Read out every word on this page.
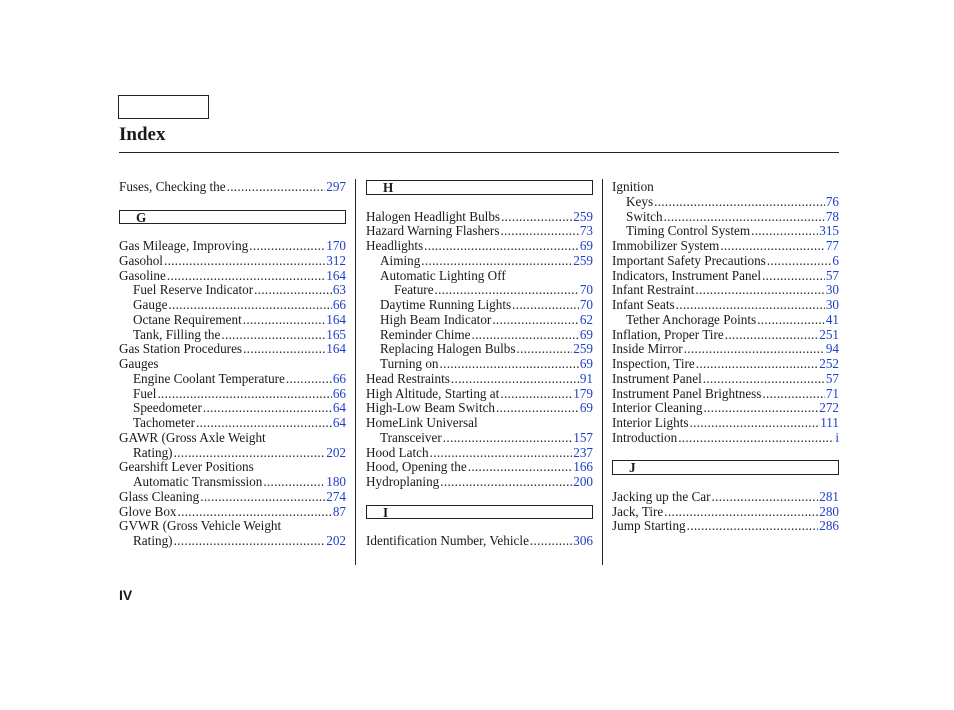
Index
Fuses, Checking the .....	297
G
Gas Mileage, Improving .....	170
Gasohol .....	312
Gasoline .....	164
Fuel Reserve Indicator .....	63
Gauge .....	66
Octane Requirement .....	164
Tank, Filling the .....	165
Gas Station Procedures .....	164
Gauges
Engine Coolant Temperature .....	66
Fuel .....	66
Speedometer .....	64
Tachometer .....	64
GAWR (Gross Axle Weight
Rating) .....	202
Gearshift Lever Positions
Automatic Transmission .....	180
Glass Cleaning .....	274
Glove Box .....	87
GVWR (Gross Vehicle Weight
Rating) .....	202
H
Halogen Headlight Bulbs .....	259
Hazard Warning Flashers .....	73
Headlights .....	69
Aiming .....	259
Automatic Lighting Off
Feature .....	70
Daytime Running Lights .....	70
High Beam Indicator .....	62
Reminder Chime .....	69
Replacing Halogen Bulbs .....	259
Turning on .....	69
Head Restraints .....	91
High Altitude, Starting at .....	179
High-Low Beam Switch .....	69
HomeLink Universal
Transceiver .....	157
Hood Latch .....	237
Hood, Opening the .....	166
Hydroplaning .....	200
I
Identification Number, Vehicle .....	306
Ignition
Keys .....	76
Switch .....	78
Timing Control System .....	315
Immobilizer System .....	77
Important Safety Precautions .....	6
Indicators, Instrument Panel .....	57
Infant Restraint .....	30
Infant Seats .....	30
Tether Anchorage Points .....	41
Inflation, Proper Tire .....	251
Inside Mirror .....	94
Inspection, Tire .....	252
Instrument Panel .....	57
Instrument Panel Brightness .....	71
Interior Cleaning .....	272
Interior Lights .....	111
Introduction .....	i
J
Jacking up the Car .....	281
Jack, Tire .....	280
Jump Starting .....	286
IV
